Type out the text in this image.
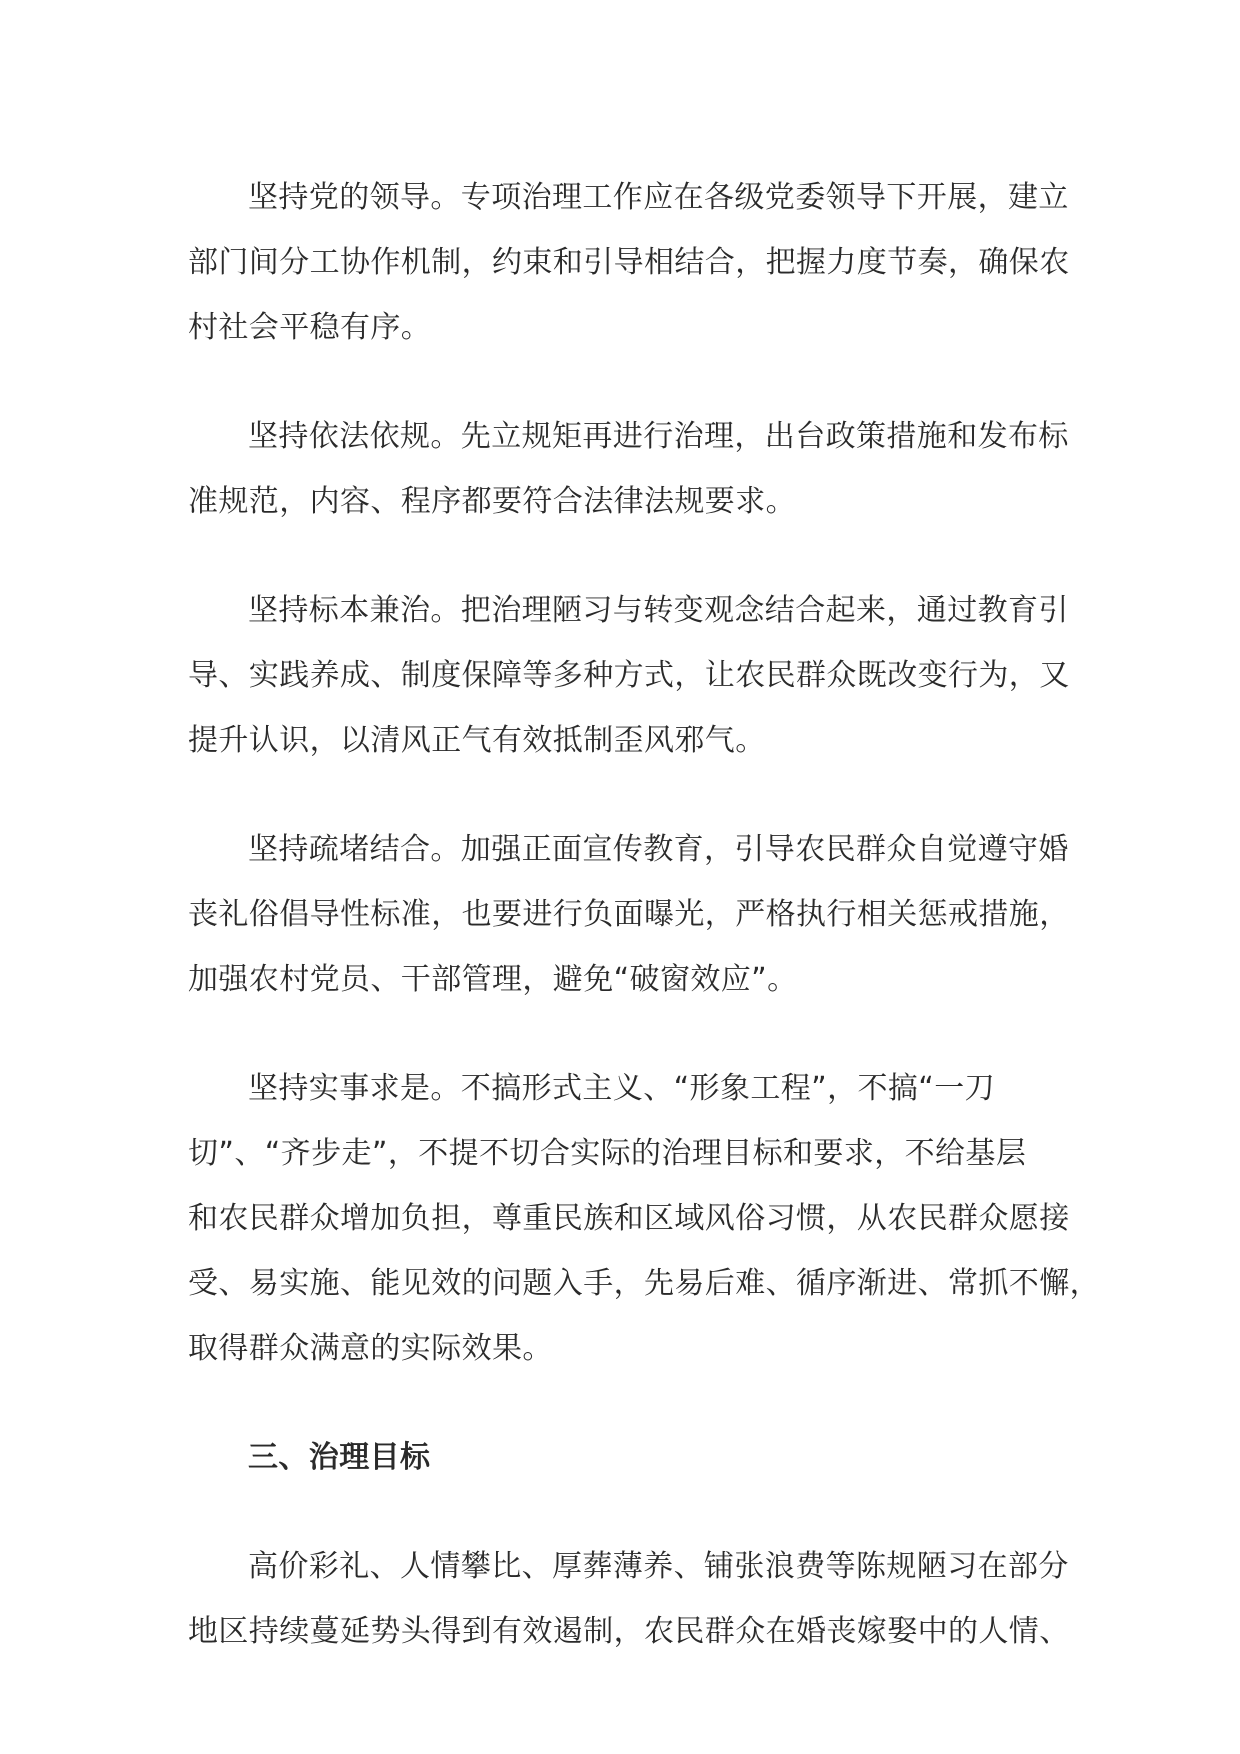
坚持党的领导。专项治理工作应在各级党委领导下开展，建立
部门间分工协作机制，约束和引导相结合，把握力度节奏，确保农
村社会平稳有序。

坚持依法依规。先立规矩再进行治理，出台政策措施和发布标
准规范，内容、程序都要符合法律法规要求。

坚持标本兼治。把治理陋习与转变观念结合起来，通过教育引
导、实践养成、制度保障等多种方式，让农民群众既改变行为，又
提升认识，以清风正气有效抵制歪风邪气。

坚持疏堵结合。加强正面宣传教育，引导农民群众自觉遵守婚
丧礼俗倡导性标准，也要进行负面曝光，严格执行相关惩戒措施，
加强农村党员、干部管理，避免“破窗效应”。

坚持实事求是。不搞形式主义、“形象工程”，不搞“一刀
切”、“齐步走”，不提不切合实际的治理目标和要求，不给基层
和农民群众增加负担，尊重民族和区域风俗习惯，从农民群众愿接
受、易实施、能见效的问题入手，先易后难、循序渐进、常抓不懈，
取得群众满意的实际效果。

三、治理目标

高价彩礼、人情攀比、厚葬薄养、铺张浪费等陈规陋习在部分
地区持续蔓延势头得到有效遏制，农民群众在婚丧嫁娶中的人情、
